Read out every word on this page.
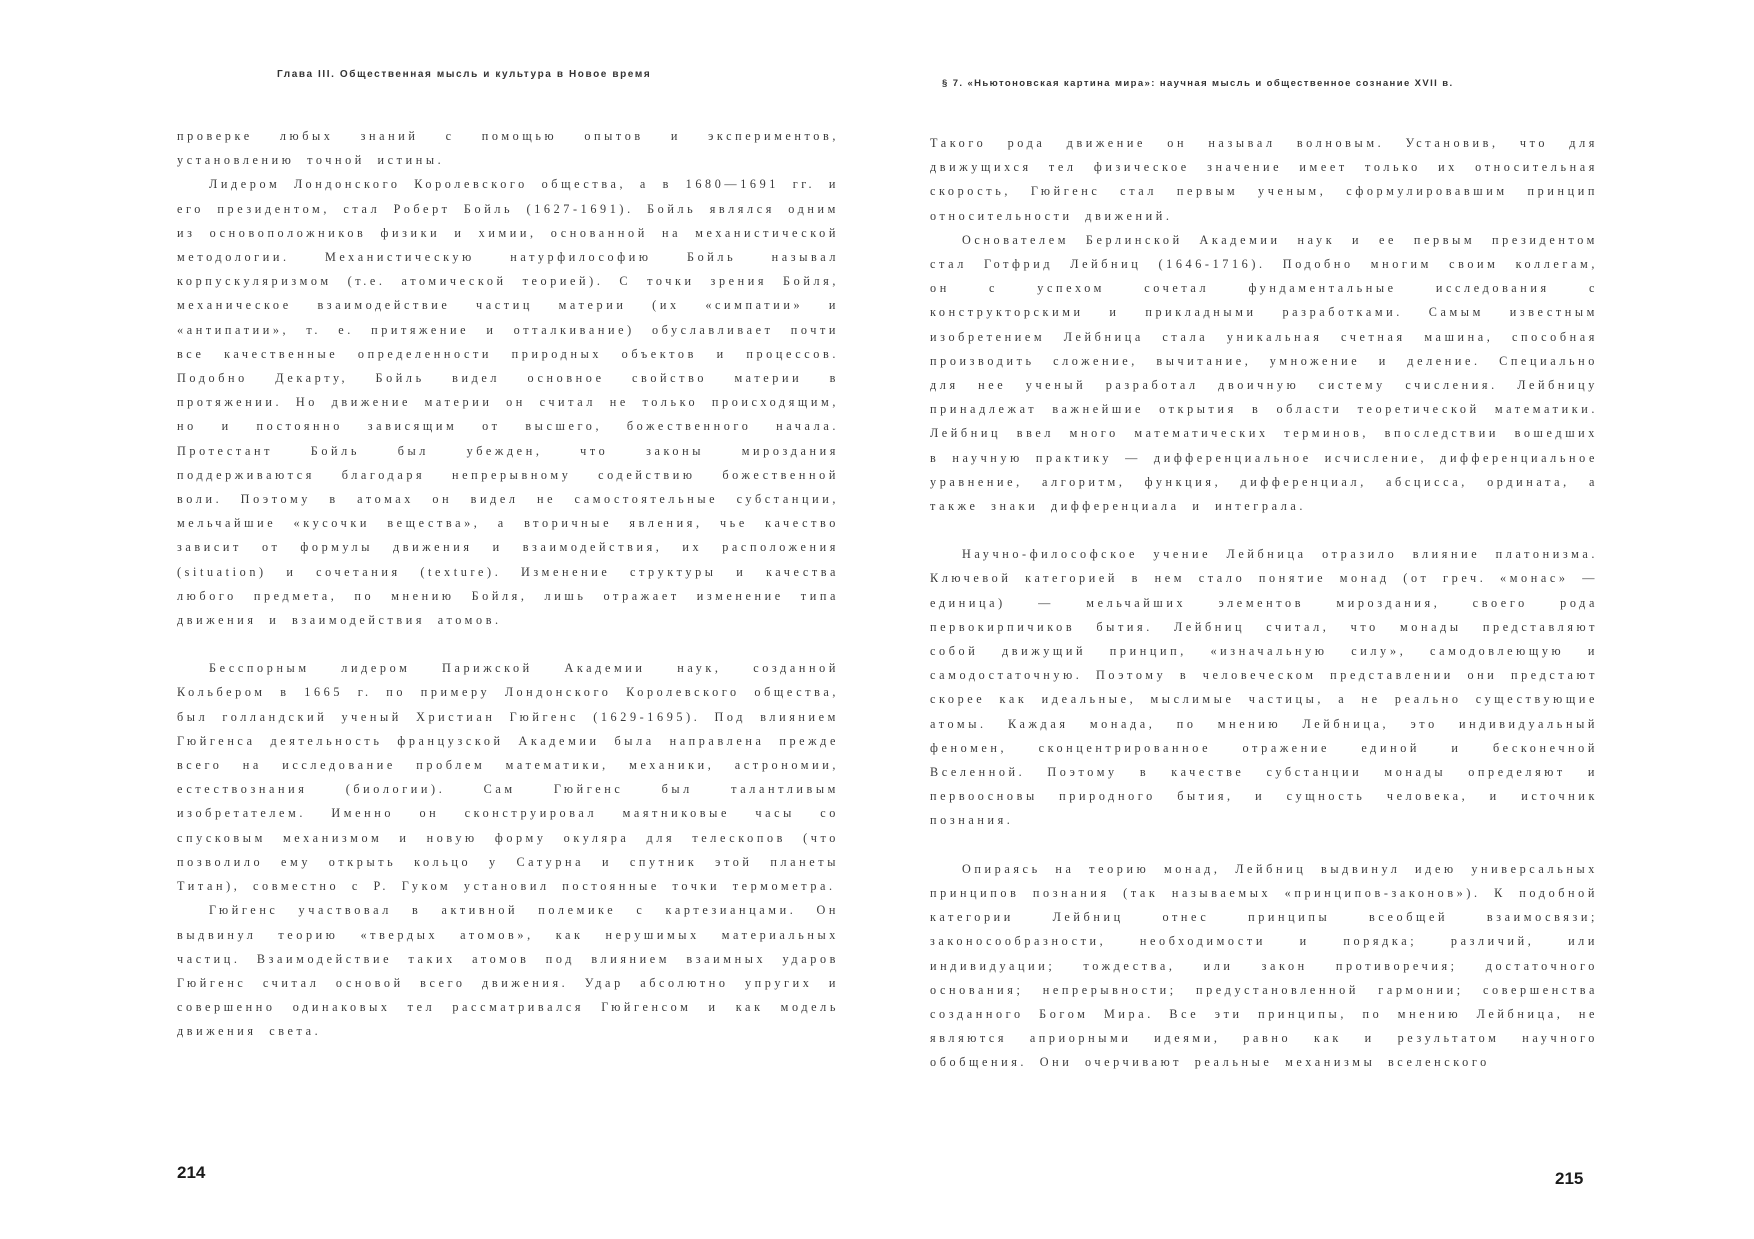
Глава III. Общественная мысль и культура в Новое время

проверке любых знаний с помощью опытов и экспериментов, установлению точной истины.

Лидером Лондонского Королевского общества, а в 1680—1691 гг. и его президентом, стал Роберт Бойль (1627-1691). Бойль являлся одним из основоположников физики и химии, основанной на механистической методологии. Механистическую натурфилософию Бойль называл корпускуляризмом (т.е. атомической теорией). С точки зрения Бойля, механическое взаимодействие частиц материи (их «симпатии» и «антипатии», т. е. притяжение и отталкивание) обуславливает почти все качественные определенности природных объектов и процессов. Подобно Декарту, Бойль видел основное свойство материи в протяжении. Но движение материи он считал не только происходящим, но и постоянно зависящим от высшего, божественного начала. Протестант Бойль был убежден, что законы мироздания поддерживаются благодаря непрерывному содействию божественной воли. Поэтому в атомах он видел не самостоятельные субстанции, мельчайшие «кусочки вещества», а вторичные явления, чье качество зависит от формулы движения и взаимодействия, их расположения (situation) и сочетания (texture). Изменение структуры и качества любого предмета, по мнению Бойля, лишь отражает изменение типа движения и взаимодействия атомов.

Бесспорным лидером Парижской Академии наук, созданной Кольбером в 1665 г. по примеру Лондонского Королевского общества, был голландский ученый Христиан Гюйгенс (1629-1695). Под влиянием Гюйгенса деятельность французской Академии была направлена прежде всего на исследование проблем математики, механики, астрономии, естествознания (биологии). Сам Гюйгенс был талантливым изобретателем. Именно он сконструировал маятниковые часы со спусковым механизмом и новую форму окуляра для телескопов (что позволило ему открыть кольцо у Сатурна и спутник этой планеты Титан), совместно с Р. Гуком установил постоянные точки термометра.

Гюйгенс участвовал в активной полемике с картезианцами. Он выдвинул теорию «твердых атомов», как нерушимых материальных частиц. Взаимодействие таких атомов под влиянием взаимных ударов Гюйгенс считал основой всего движения. Удар абсолютно упругих и совершенно одинаковых тел рассматривался Гюйгенсом и как модель движения света.

214
§ 7. «Ньютоновская картина мира»: научная мысль и общественное сознание XVII в.

Такого рода движение он называл волновым. Установив, что для движущихся тел физическое значение имеет только их относительная скорость, Гюйгенс стал первым ученым, сформулировавшим принцип относительности движений.

Основателем Берлинской Академии наук и ее первым президентом стал Готфрид Лейбниц (1646-1716). Подобно многим своим коллегам, он с успехом сочетал фундаментальные исследования с конструкторскими и прикладными разработками. Самым известным изобретением Лейбница стала уникальная счетная машина, способная производить сложение, вычитание, умножение и деление. Специально для нее ученый разработал двоичную систему счисления. Лейбницу принадлежат важнейшие открытия в области теоретической математики. Лейбниц ввел много математических терминов, впоследствии вошедших в научную практику — дифференциальное исчисление, дифференциальное уравнение, алгоритм, функция, дифференциал, абсцисса, ордината, а также знаки дифференциала и интеграла.

Научно-философское учение Лейбница отразило влияние платонизма. Ключевой категорией в нем стало понятие монад (от греч. «монас» — единица) — мельчайших элементов мироздания, своего рода первокирпичиков бытия. Лейбниц считал, что монады представляют собой движущий принцип, «изначальную силу», самодовлеющую и самодостаточную. Поэтому в человеческом представлении они предстают скорее как идеальные, мыслимые частицы, а не реально существующие атомы. Каждая монада, по мнению Лейбница, это индивидуальный феномен, сконцентрированное отражение единой и бесконечной Вселенной. Поэтому в качестве субстанции монады определяют и первоосновы природного бытия, и сущность человека, и источник познания.

Опираясь на теорию монад, Лейбниц выдвинул идею универсальных принципов познания (так называемых «принципов-законов»). К подобной категории Лейбниц отнес принципы всеобщей взаимосвязи; законосообразности, необходимости и порядка; различий, или индивидуации; тождества, или закон противоречия; достаточного основания; непрерывности; предустановленной гармонии; совершенства созданного Богом Мира. Все эти принципы, по мнению Лейбница, не являются априорными идеями, равно как и результатом научного обобщения. Они очерчивают реальные механизмы вселенского

215
